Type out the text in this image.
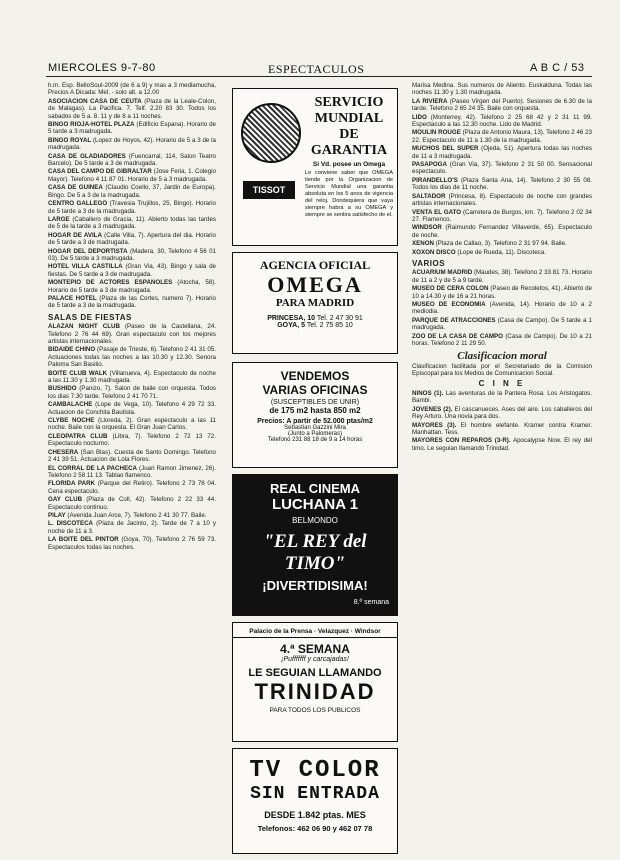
MIERCOLES 9-7-80	ESPECTACULOS	A B C / 53

h.m. Esp. BelloSoul-2009 (de 6 a 9) y mas a 3 mediamucha, Precios A Dicada: Mel. - solo alt. a 12.00

ASOCIACION CASA DE CEUTA (Plaza de la Leale-Colon, de Malagas). La Pacifica. 7. Telf. 2.20 83 30. Todos los sabados de 5 a. 8. 11 y de 8 a 11 noches.

BINGO RIOJA-HOTEL PLAZA (Edificio Espana). Horario de 5 tarde a 3 madrugada.

BINGO ROYAL (Lopez de Hoyos, 42). Horario de 5 a 3 de la madrugada.

CASA DE GLADIADORES (Fuencarral, 114, Salon Teatro Barcelo). De 5 tarde a 3 de madrugada.

CASA DEL CAMPO DE GIBRALTAR (Jose Feria, 1. Colegio Mayor). Telefono 4 11 87 01. Horario de 5 a 3 madrugada.

CASA DE GUINEA (Claudio Coello, 37, Jardin de Europa). Bingo. De 5 a 3 de la madrugada.

CENTRO GALLEGO (Travesia Trujillos, 25, Bingo). Horario de 5 tarde a 3 de la madrugada.

LARGE (Caballero de Gracia, 11). Abierto todas las tardes de 5 de la tarde a 3 madrugada.

HOGAR DE AVILA (Calle Villa, 7). Apertura del dia. Horario de 5 tarde a 3 de madrugada.

HOGAR DEL DEPORTISTA (Madera, 30, Telefono 4 56 01 03). De 5 tarde a 3 madrugada.

HOTEL VILLA CASTILLA (Gran Via, 43). Bingo y sala de fiestas. De 5 tarde a 3 de madrugada.

MONTEPIO DE ACTORES ESPANOLES (Atocha, 58). Horario de 5 tarde a 3 de madrugada.

PALACE HOTEL (Plaza de las Cortes, numero 7). Horario de 5 tarde a 3 de la madrugada.

SALAS DE FIESTAS

ALAZAN NIGHT CLUB (Paseo de la Castellana, 24. Telefono 2 76 44 69). Gran espectaculo con los mejores artistas internacionales.

BIDAIDE CHINO (Pasaje de Trieste, 6). Telefono 2 41 31 05. Actuaciones todas las noches a las 10.30 y 12.30. Senora Paloma San Basilio.

BOITE CLUB WALK (Villanueva, 4). Espectaculo de noche a las 11.30 y 1.30 madrugada.

BUSHIDO (Panizo, 7). Salon de baile con orquesta. Todos los dias 7.30 tarde. Telefono 2 41 70 71.

CAMBALACHE (Lope de Vega, 10). Telefono 4 29 72 33. Actuacion de Conchita Bautista.

CLYBE NOCHE (Lloreda, 2). Gran espectaculo a las 11 noche. Baile con la orquesta. El Gran Juan Carlos.

CLEOPATRA CLUB (Libra, 7). Telefono 2 72 13 72. Espectaculo nocturno.

CHESERA (San Blas). Cuesta de Santo Domingo. Telefono 2 41 39 51. Actuacion de Lola Flores.

EL CORRAL DE LA PACHECA (Juan Ramon Jimenez, 26). Telefono 2 58 11 13. Tablao flamenco.

FLORIDA PARK (Parque del Retiro). Telefono 2 73 78 04. Cena espectaculo.

GAY CLUB (Plaza de Coll, 42). Telefono 2 22 33 44. Espectaculo continuo.

PILAY (Avenida Juan Arce, 7). Telefono 2 41 30 77. Baile.

L. DISCOTECA (Plaza de Jacinto, 2). Tarde de 7 a 10 y noche de 11 a 3.

LA BOITE DEL PINTOR (Goya, 70). Telefono 2 76 59 73. Espectaculos todas las noches.

SERVICIO
MUNDIAL DE
GARANTIA
Si Vd. posee un Omega
Le conviene saber que OMEGA tiende por la Organizacion de Servicio Mundial una garantia absoluta en los 5 anos de vigencia del reloj. Dondequiera que vaya siempre habra a su OMEGA y siempre se sentira satisfecho de el.
TISSOT
AGENCIA OFICIAL
OMEGA
PARA MADRID
PRINCESA, 10 Tel. 2 47 30 91
GOYA, 5 Tel. 2 75 85 10
VENDEMOS
VARIAS OFICINAS
(SUSCEPTIBLES DE UNIR)
de 175 m2 hasta 850 m2
Precios: A partir de 52.000 ptas/m2
Sebastian Gazzini Mira
(Junto a Palomeras)
Telefono 231 88 18 de 9 a 14 horas
REAL CINEMA
LUCHANA 1
BELMONDO
"EL REY del TIMO"
¡DIVERTIDISIMA!
8.ª semana
Palacio de la Prensa · Velazquez · Windsor
4.ª SEMANA
¡Pufffffff y carcajadas!
LE SEGUIAN LLAMANDO
TRINIDAD
PARA TODOS LOS PUBLICOS
TV COLOR
SIN ENTRADA
DESDE 1.842 ptas. MES
Telefonos: 462 06 90 y 462 07 78

Marisa Medina. Sus numeros de Aliento. Euskalduna. Todas las noches 11.30 y 1.30 madrugada.

LA RIVIERA (Paseo Virgen del Puerto). Sesiones de 6.30 de la tarde. Telefono 2 65 24 35. Baile con orquesta.

LIDO (Monterrey, 42). Telefono 2 25 68 42 y 2 31 11 99. Espectaculo a las 12.30 noche. Lido de Madrid.

MOULIN ROUGE (Plaza de Antonio Maura, 13). Telefono 2 46 23 22. Espectaculo de 11 a 1.30 de la madrugada.

MUCHOS DEL SUPER (Ojeda, 51). Apertura todas las noches de 11 a 3 madrugada.

PASAPOGA (Gran Via, 37). Telefono 2 31 50 00. Sensacional espectaculo.

PIRANDELLO'S (Plaza Santa Ana, 14). Telefono 2 30 55 08. Todos los dias de 11 noche.

SALTADOR (Princesa, 8). Espectaculo de noche con grandes artistas internacionales.

VENTA EL GATO (Carretera de Burgos, km. 7). Telefono 2 02 34 27. Flamenco.

WINDSOR (Raimundo Fernandez Villaverde, 65). Espectaculo de noche.

XENON (Plaza de Callao, 3). Telefono 2 31 97 94. Baile.

XOXON DISCO (Lope de Rueda, 11). Discoteca.

VARIOS

ACUARIUM MADRID (Maudes, 38). Telefono 2 33 81 73. Horario de 11 a 2 y de 5 a 9 tarde.

MUSEO DE CERA COLON (Paseo de Recoletos, 41). Abierto de 10 a 14.30 y de 16 a 21 horas.

MUSEO DE ECONOMIA (Avenida, 14). Horario de 10 a 2 mediodia.

PARQUE DE ATRACCIONES (Casa de Campo). De 5 tarde a 1 madrugada.

ZOO DE LA CASA DE CAMPO (Casa de Campo). De 10 a 21 horas. Telefono 2 11 29 50.

Clasificacion moral

Clasificacion facilitada por el Secretariado de la Comision Episcopal para los Medios de Comunicacion Social.

C I N E

NINOS (1). Las aventuras de la Pantera Rosa. Los Aristogatos. Bambi.

JOVENES (2). El cascanueces. Ases del aire. Los caballeros del Rey Arturo. Una novia para dos.

MAYORES (3). El hombre elefante. Kramer contra Kramer. Manhattan. Tess.

MAYORES CON REPAROS (3-R). Apocalypse Now. El rey del timo. Le seguian llamando Trinidad.
